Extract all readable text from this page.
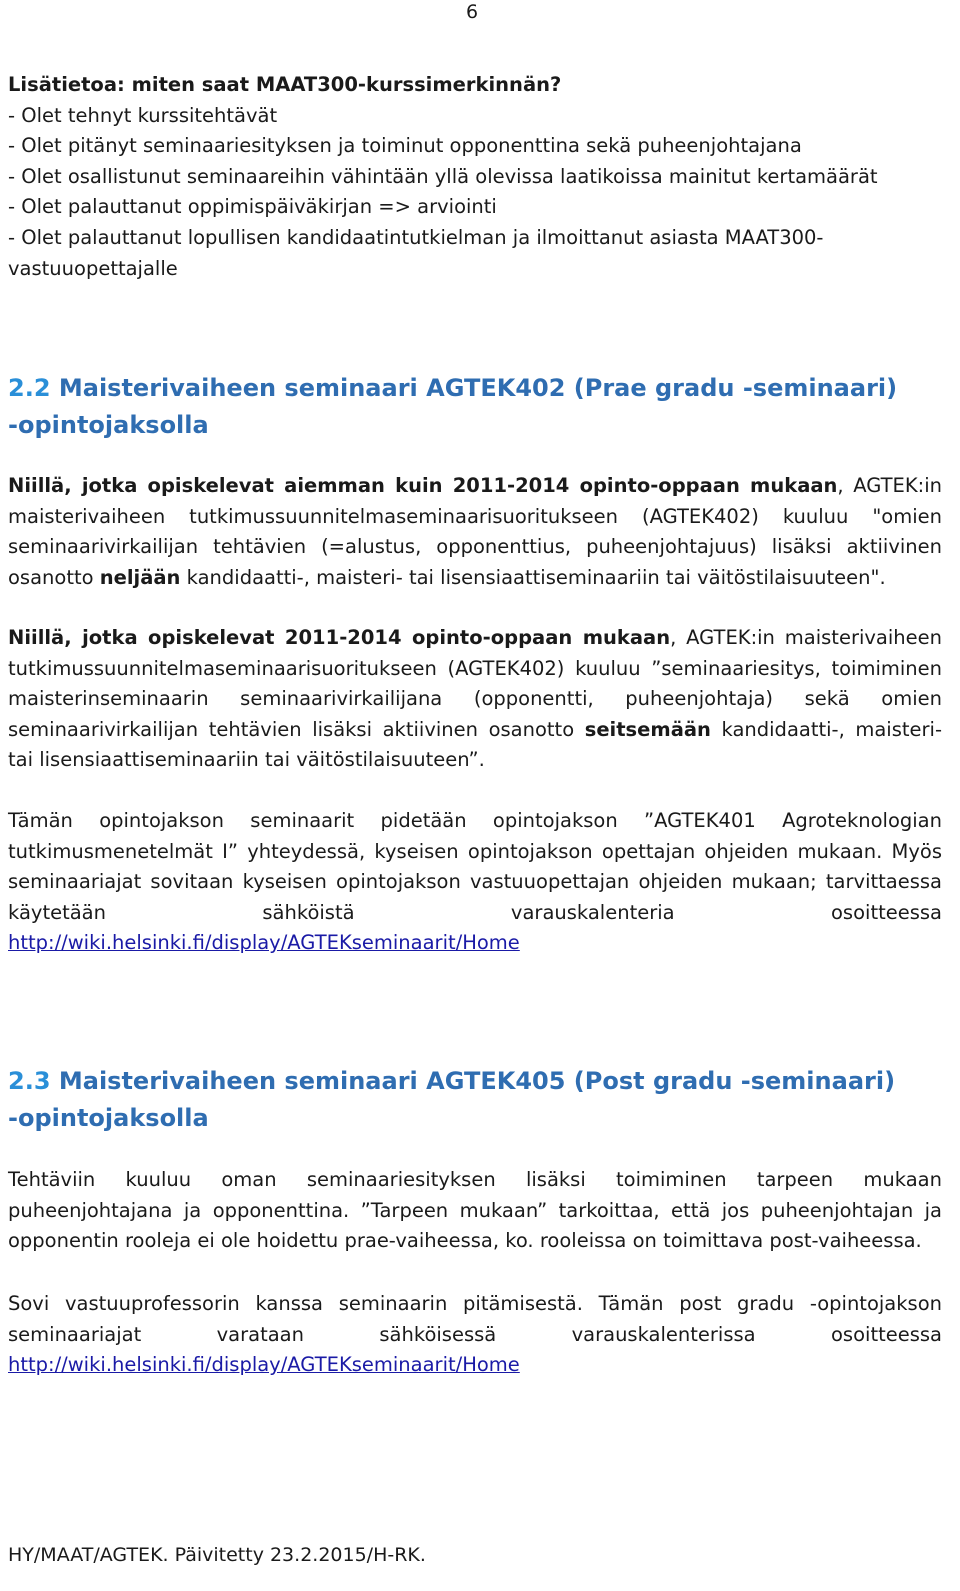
6

Lisätietoa: miten saat MAAT300-kurssimerkinnän?

- Olet tehnyt kurssitehtävät

- Olet pitänyt seminaariesityksen ja toiminut opponenttina sekä puheenjohtajana

- Olet osallistunut seminaareihin vähintään yllä olevissa laatikoissa mainitut kertamäärät

- Olet palauttanut oppimispäiväkirjan => arviointi

- Olet palauttanut lopullisen kandidaatintutkielman ja ilmoittanut asiasta MAAT300-

vastuuopettajalle

2.2 Maisterivaiheen seminaari AGTEK402 (Prae gradu -seminaari)

-opintojaksolla

Niillä, jotka opiskelevat aiemman kuin 2011-2014 opinto-oppaan mukaan, AGTEK:in maisterivaiheen tutkimussuunnitelmaseminaarisuoritukseen (AGTEK402) kuuluu "omien seminaarivirkailijan tehtävien (=alustus, opponenttius, puheenjohtajuus) lisäksi aktiivinen osanotto neljään kandidaatti-, maisteri- tai lisensiaattiseminaariin tai väitöstilaisuuteen".

Niillä, jotka opiskelevat 2011-2014 opinto-oppaan mukaan, AGTEK:in maisterivaiheen tutkimussuunnitelmaseminaarisuoritukseen (AGTEK402) kuuluu ”seminaariesitys, toimiminen maisterinseminaarin seminaarivirkailijana (opponentti, puheenjohtaja) sekä omien seminaarivirkailijan tehtävien lisäksi aktiivinen osanotto seitsemään kandidaatti-, maisteri- tai lisensiaattiseminaariin tai väitöstilaisuuteen”.

Tämän opintojakson seminaarit pidetään opintojakson ”AGTEK401 Agroteknologian tutkimusmenetelmät I” yhteydessä, kyseisen opintojakson opettajan ohjeiden mukaan. Myös seminaariajat sovitaan kyseisen opintojakson vastuuopettajan ohjeiden mukaan; tarvittaessa käytetään sähköistä varauskalenteria osoitteessa

http://wiki.helsinki.fi/display/AGTEKseminaarit/Home

2.3 Maisterivaiheen seminaari AGTEK405 (Post gradu -seminaari)

-opintojaksolla

Tehtäviin kuuluu oman seminaariesityksen lisäksi toimiminen tarpeen mukaan puheenjohtajana ja opponenttina. ”Tarpeen mukaan” tarkoittaa, että jos puheenjohtajan ja opponentin rooleja ei ole hoidettu prae-vaiheessa, ko. rooleissa on toimittava post-vaiheessa.

Sovi vastuuprofessorin kanssa seminaarin pitämisestä. Tämän post gradu -opintojakson seminaariajat varataan sähköisessä varauskalenterissa osoitteessa

http://wiki.helsinki.fi/display/AGTEKseminaarit/Home

HY/MAAT/AGTEK. Päivitetty 23.2.2015/H-RK.
